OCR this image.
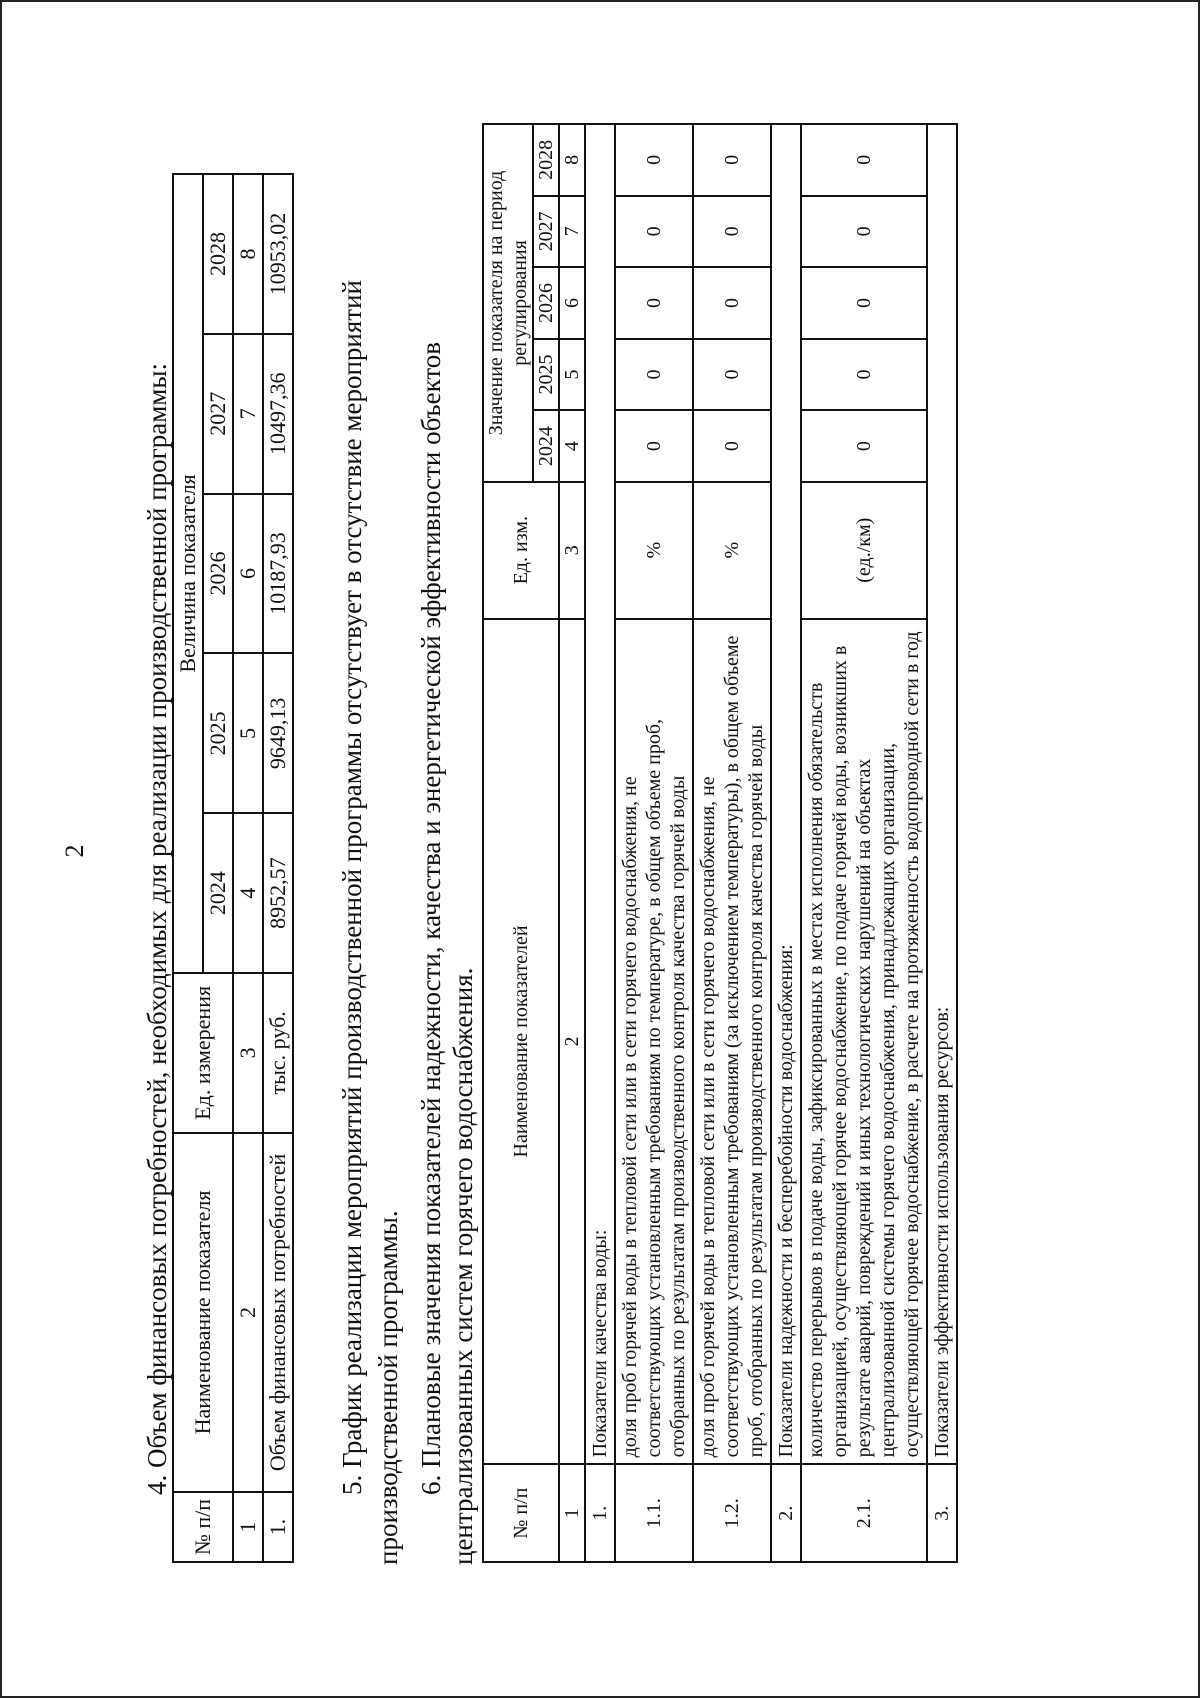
2 4. Объем финансовых потребностей, необходимых для реализации производственной программы:
№ п/п	Наименование показателя	Ед. измерения	Величина показателя				
			2024	2025	2026	2027	2028
1	2	3	4	5	6	7	8
1.	Объем финансовых потребностей	тыс. руб.	8952,57	9649,13	10187,93	10497,36	10953,02
5. График реализации мероприятий производственной программы отсутствует в отсутствие мероприятий производственной программы. 6. Плановые значения показателей надежности, качества и энергетической эффективности объектов централизованных систем горячего водоснабжения. № п/п	Наименование показателей	Ед. изм.	Значение показателя на период регулирования				
			2024	2025	2026	2027	2028
1	2	3	4	5	6	7	8
1.	Показатели качества воды:						
1.1.	доля проб горячей воды в тепловой сети или в сети горячего водоснабжения, не соответствующих установленным требованиям по температуре, в общем объеме проб, отобранных по результатам производственного контроля качества горячей воды	%	0	0	0	0	0
1.2.	доля проб горячей воды в тепловой сети или в сети горячего водоснабжения, не соответствующих установленным требованиям (за исключением температуры), в общем объеме проб, отобранных по результатам производственного контроля качества горячей воды	%	0	0	0	0	0
2.	Показатели надежности и бесперебойности водоснабжения:						
2.1.	количество перерывов в подаче воды, зафиксированных в местах исполнения обязательств организацией, осуществляющей горячее водоснабжение, по подаче горячей воды, возникших в результате аварий, повреждений и иных технологических нарушений на объектах централизованной системы горячего водоснабжения, принадлежащих организации, осуществляющей горячее водоснабжение, в расчете на протяженность водопроводной сети в год	(ед./км)	0	0	0	0	0
3.	Показатели эффективности использования ресурсов:						
